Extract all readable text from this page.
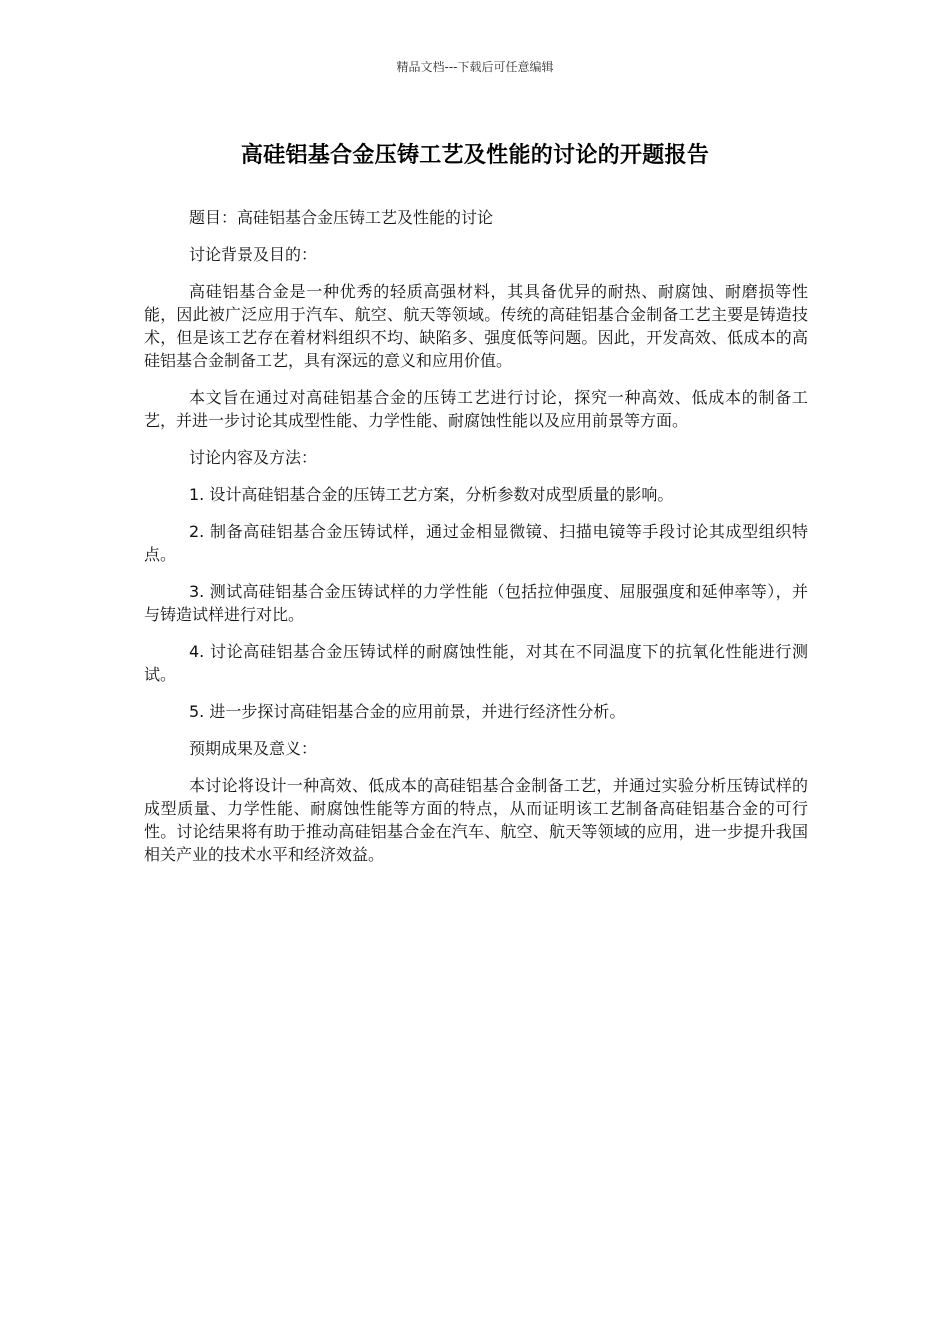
精品文档---下载后可任意编辑
高硅铝基合金压铸工艺及性能的讨论的开题报告

题目：高硅铝基合金压铸工艺及性能的讨论

讨论背景及目的：

高硅铝基合金是一种优秀的轻质高强材料，其具备优异的耐热、耐腐蚀、耐磨损等性能，因此被广泛应用于汽车、航空、航天等领域。传统的高硅铝基合金制备工艺主要是铸造技术，但是该工艺存在着材料组织不均、缺陷多、强度低等问题。因此，开发高效、低成本的高硅铝基合金制备工艺，具有深远的意义和应用价值。

本文旨在通过对高硅铝基合金的压铸工艺进行讨论，探究一种高效、低成本的制备工艺，并进一步讨论其成型性能、力学性能、耐腐蚀性能以及应用前景等方面。

讨论内容及方法：

1. 设计高硅铝基合金的压铸工艺方案，分析参数对成型质量的影响。

2. 制备高硅铝基合金压铸试样，通过金相显微镜、扫描电镜等手段讨论其成型组织特点。

3. 测试高硅铝基合金压铸试样的力学性能（包括拉伸强度、屈服强度和延伸率等），并与铸造试样进行对比。

4. 讨论高硅铝基合金压铸试样的耐腐蚀性能，对其在不同温度下的抗氧化性能进行测试。

5. 进一步探讨高硅铝基合金的应用前景，并进行经济性分析。

预期成果及意义：

本讨论将设计一种高效、低成本的高硅铝基合金制备工艺，并通过实验分析压铸试样的成型质量、力学性能、耐腐蚀性能等方面的特点，从而证明该工艺制备高硅铝基合金的可行性。讨论结果将有助于推动高硅铝基合金在汽车、航空、航天等领域的应用，进一步提升我国相关产业的技术水平和经济效益。
